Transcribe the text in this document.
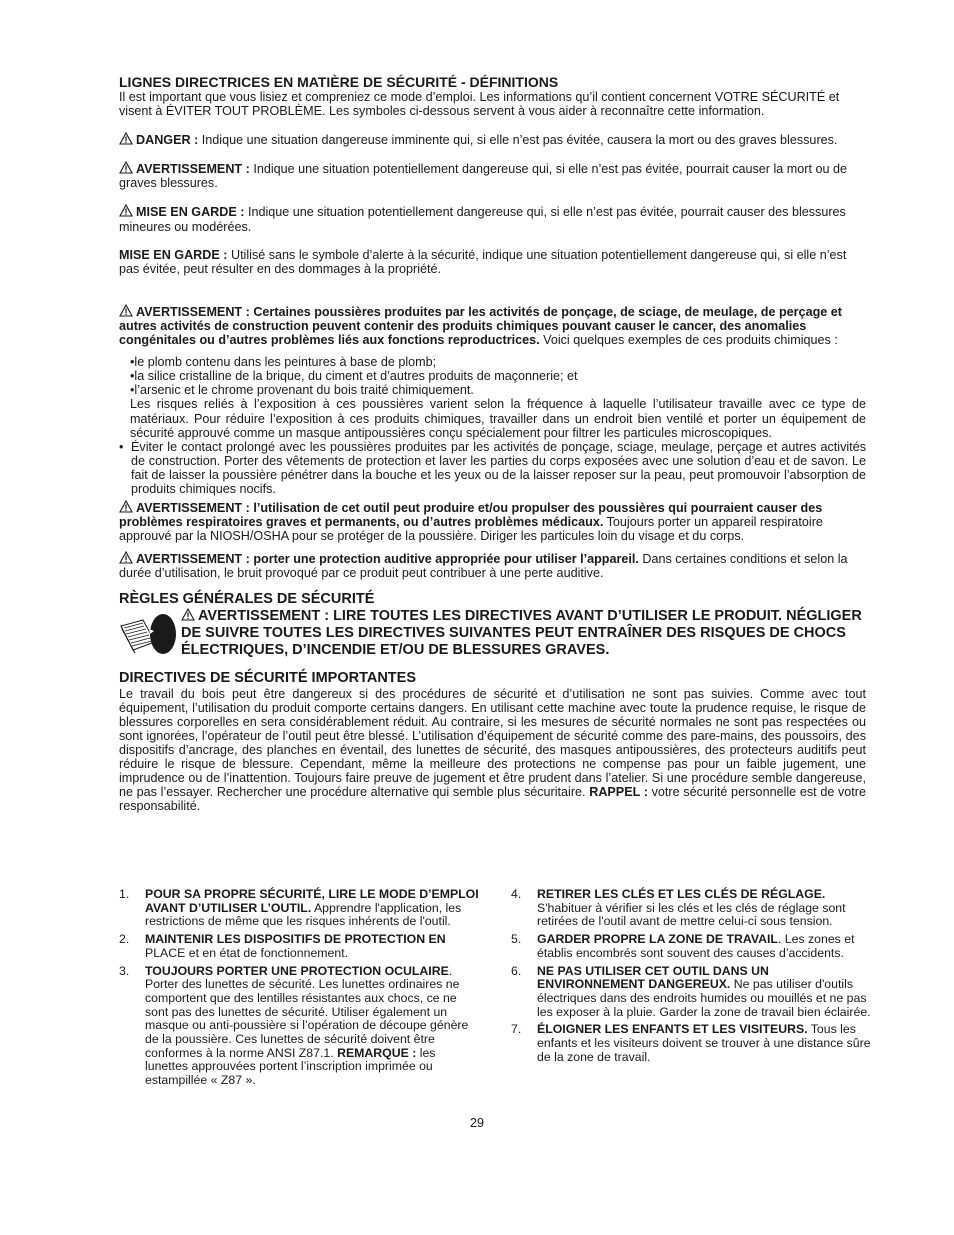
LIGNES DIRECTRICES EN MATIÈRE DE SÉCURITÉ - DÉFINITIONS

Il est important que vous lisiez et compreniez ce mode d’emploi. Les informations qu’il contient concernent VOTRE SÉCURITÉ et visent à ÉVITER TOUT PROBLÈME. Les symboles ci-dessous servent à vous aider à reconnaître cette information.

DANGER : Indique une situation dangereuse imminente qui, si elle n’est pas évitée, causera la mort ou des graves blessures.

AVERTISSEMENT : Indique une situation potentiellement dangereuse qui, si elle n’est pas évitée, pourrait causer la mort ou de graves blessures.

MISE EN GARDE : Indique une situation potentiellement dangereuse qui, si elle n’est pas évitée, pourrait causer des blessures mineures ou modérées.

MISE EN GARDE : Utilisé sans le symbole d’alerte à la sécurité, indique une situation potentiellement dangereuse qui, si elle n’est pas évitée, peut résulter en des dommages à la propriété.

AVERTISSEMENT : Certaines poussières produites par les activités de ponçage, de sciage, de meulage, de perçage et autres activités de construction peuvent contenir des produits chimiques pouvant causer le cancer, des anomalies congénitales ou d’autres problèmes liés aux fonctions reproductrices. Voici quelques exemples de ces produits chimiques :

•le plomb contenu dans les peintures à base de plomb;

•la silice cristalline de la brique, du ciment et d’autres produits de maçonnerie; et

•l’arsenic et le chrome provenant du bois traité chimiquement.

Les risques reliés à l’exposition à ces poussières varient selon la fréquence à laquelle l’utilisateur travaille avec ce type de matériaux. Pour réduire l’exposition à ces produits chimiques, travailler dans un endroit bien ventilé et porter un équipement de sécurité approuvé comme un masque antipoussières conçu spécialement pour filtrer les particules microscopiques.

• Éviter le contact prolongé avec les poussières produites par les activités de ponçage, sciage, meulage, perçage et autres activités de construction. Porter des vêtements de protection et laver les parties du corps exposées avec une solution d’eau et de savon. Le fait de laisser la poussière pénétrer dans la bouche et les yeux ou de la laisser reposer sur la peau, peut promouvoir l’absorption de produits chimiques nocifs.

AVERTISSEMENT : l’utilisation de cet outil peut produire et/ou propulser des poussières qui pourraient causer des problèmes respiratoires graves et permanents, ou d’autres problèmes médicaux. Toujours porter un appareil respiratoire approuvé par la NIOSH/OSHA pour se protéger de la poussière. Diriger les particules loin du visage et du corps.

AVERTISSEMENT : porter une protection auditive appropriée pour utiliser l’appareil. Dans certaines conditions et selon la durée d’utilisation, le bruit provoqué par ce produit peut contribuer à une perte auditive.

RÈGLES GÉNÉRALES DE SÉCURITÉ

AVERTISSEMENT : LIRE TOUTES LES DIRECTIVES AVANT D’UTILISER LE PRODUIT. NÉGLIGER DE SUIVRE TOUTES LES DIRECTIVES SUIVANTES PEUT ENTRAÎNER DES RISQUES DE CHOCS ÉLECTRIQUES, D’INCENDIE ET/OU DE BLESSURES GRAVES.

DIRECTIVES DE SÉCURITÉ IMPORTANTES

Le travail du bois peut être dangereux si des procédures de sécurité et d’utilisation ne sont pas suivies. Comme avec tout équipement, l’utilisation du produit comporte certains dangers. En utilisant cette machine avec toute la prudence requise, le risque de blessures corporelles en sera considérablement réduit. Au contraire, si les mesures de sécurité normales ne sont pas respectées ou sont ignorées, l’opérateur de l’outil peut être blessé. L’utilisation d’équipement de sécurité comme des pare-mains, des poussoirs, des dispositifs d’ancrage, des planches en éventail, des lunettes de sécurité, des masques antipoussières, des protecteurs auditifs peut réduire le risque de blessure. Cependant, même la meilleure des protections ne compense pas pour un faible jugement, une imprudence ou de l’inattention. Toujours faire preuve de jugement et être prudent dans l’atelier. Si une procédure semble dangereuse, ne pas l’essayer. Rechercher une procédure alternative qui semble plus sécuritaire. RAPPEL : votre sécurité personnelle est de votre responsabilité.

1.	POUR SA PROPRE SÉCURITÉ, LIRE LE MODE D’EMPLOI AVANT D’UTILISER L’OUTIL. Apprendre l'application, les restrictions de même que les risques inhérents de l'outil.
2.	MAINTENIR LES DISPOSITIFS DE PROTECTION EN PLACE et en état de fonctionnement.
3.	TOUJOURS PORTER UNE PROTECTION OCULAIRE. Porter des lunettes de sécurité. Les lunettes ordinaires ne comportent que des lentilles résistantes aux chocs, ce ne sont pas des lunettes de sécurité. Utiliser également un masque ou anti-poussière si l’opération de découpe génère de la poussière. Ces lunettes de sécurité doivent être conformes à la norme ANSI Z87.1. REMARQUE : les lunettes approuvées portent l’inscription imprimée ou estampillée « Z87 ».
4.	RETIRER LES CLÉS ET LES CLÉS DE RÉGLAGE. S'habituer à vérifier si les clés et les clés de réglage sont retirées de l'outil avant de mettre celui-ci sous tension.
5.	GARDER PROPRE LA ZONE DE TRAVAIL. Les zones et établis encombrés sont souvent des causes d’accidents.
6.	NE PAS UTILISER CET OUTIL DANS UN ENVIRONNEMENT DANGEREUX. Ne pas utiliser d'outils électriques dans des endroits humides ou mouillés et ne pas les exposer à la pluie. Garder la zone de travail bien éclairée.
7.	ÉLOIGNER LES ENFANTS ET LES VISITEURS. Tous les enfants et les visiteurs doivent se trouver à une distance sûre de la zone de travail.
29
